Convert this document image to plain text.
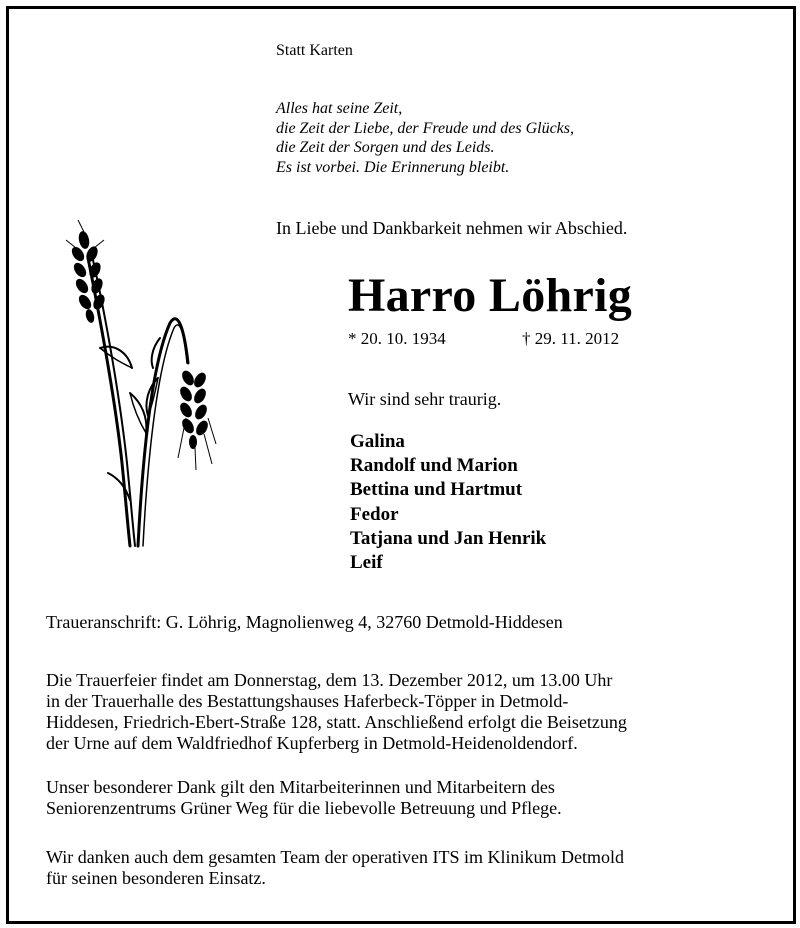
Statt Karten

Alles hat seine Zeit,
die Zeit der Liebe, der Freude und des Glücks,
die Zeit der Sorgen und des Leids.
Es ist vorbei. Die Erinnerung bleibt.

In Liebe und Dankbarkeit nehmen wir Abschied.

Harro Löhrig

* 20. 10. 1934	† 29. 11. 2012

Wir sind sehr traurig.

Galina
Randolf und Marion
Bettina und Hartmut
Fedor
Tatjana und Jan Henrik
Leif

Traueranschrift: G. Löhrig, Magnolienweg 4, 32760 Detmold-Hiddesen

Die Trauerfeier findet am Donnerstag, dem 13. Dezember 2012, um 13.00 Uhr
in der Trauerhalle des Bestattungshauses Haferbeck-Töpper in Detmold-
Hiddesen, Friedrich-Ebert-Straße 128, statt. Anschließend erfolgt die Beisetzung
der Urne auf dem Waldfriedhof Kupferberg in Detmold-Heidenoldendorf.
Unser besonderer Dank gilt den Mitarbeiterinnen und Mitarbeitern des
Seniorenzentrums Grüner Weg für die liebevolle Betreuung und Pflege.
Wir danken auch dem gesamten Team der operativen ITS im Klinikum Detmold
für seinen besonderen Einsatz.
